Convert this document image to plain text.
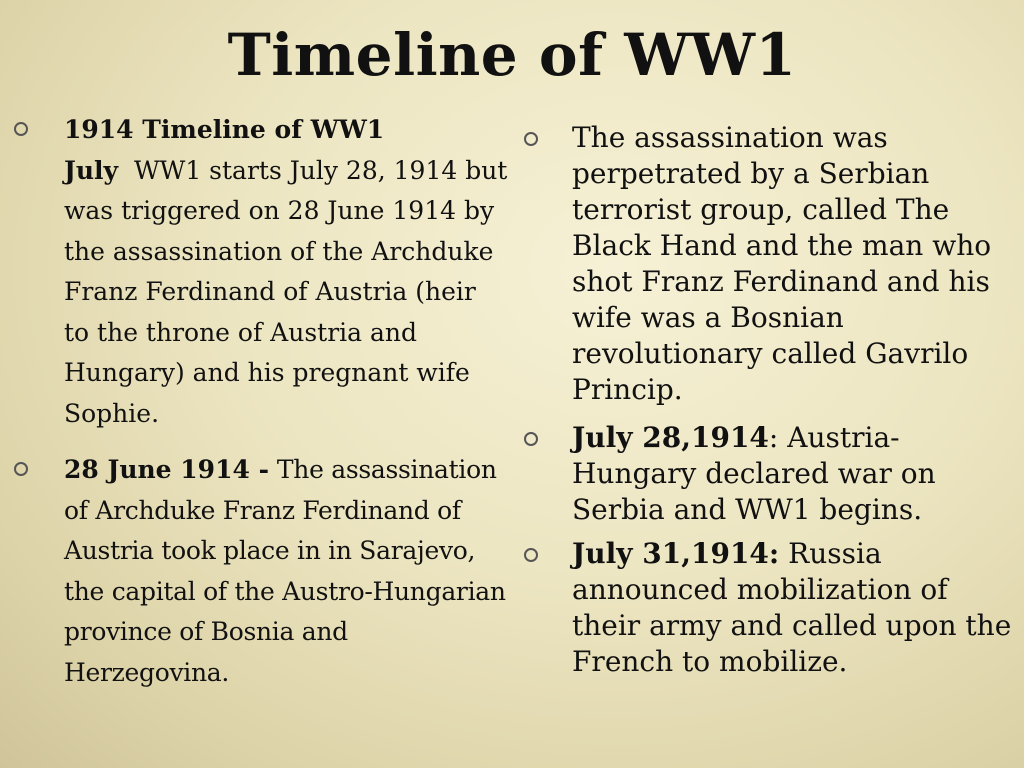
Timeline of WW1
1914 Timeline of WW1
July WW1 starts July 28, 1914 but was triggered on 28 June 1914 by the assassination of the Archduke Franz Ferdinand of Austria (heir to the throne of Austria and Hungary) and his pregnant wife Sophie.
28 June 1914 - The assassination of Archduke Franz Ferdinand of Austria took place in in Sarajevo, the capital of the Austro-Hungarian province of Bosnia and Herzegovina.
The assassination was perpetrated by a Serbian terrorist group, called The Black Hand and the man who shot Franz Ferdinand and his wife was a Bosnian revolutionary called Gavrilo Princip.
July 28,1914: Austria-Hungary declared war on Serbia and WW1 begins.
July 31,1914: Russia announced mobilization of their army and called upon the French to mobilize.
